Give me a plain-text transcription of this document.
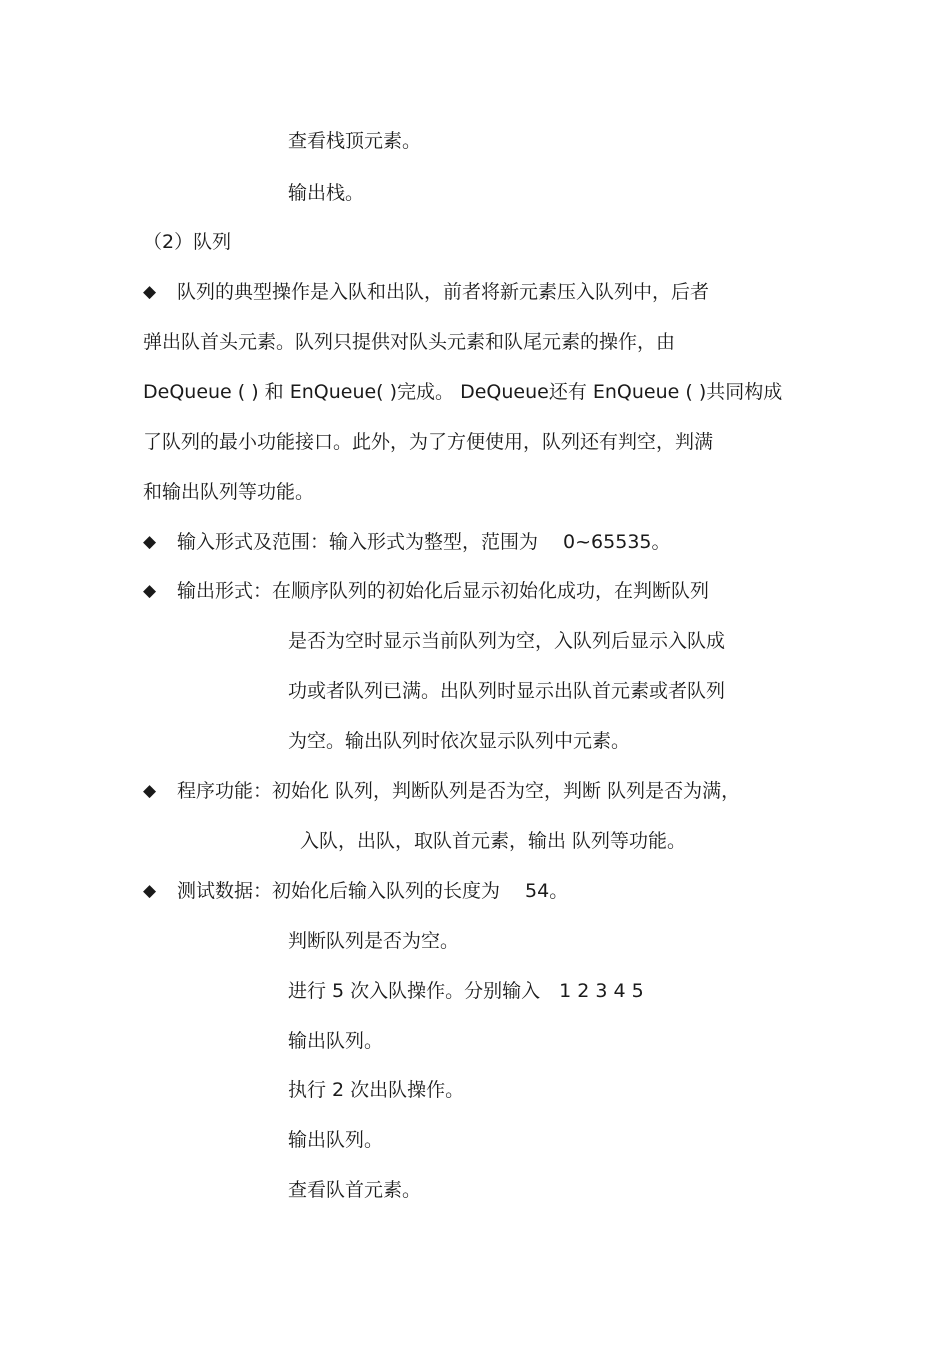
查看栈顶元素。
输出栈。
（2）队列
◆ 队列的典型操作是入队和出队，前者将新元素压入队列中，后者
弹出队首头元素。队列只提供对队头元素和队尾元素的操作，由
DeQueue ( ) 和 EnQueue( )完成。 DeQueue还有 EnQueue ( )共同构成
了队列的最小功能接口。此外，为了方便使用，队列还有判空，判满
和输出队列等功能。
◆ 输入形式及范围：输入形式为整型，范围为　 0~65535。
◆ 输出形式：在顺序队列的初始化后显示初始化成功，在判断队列
是否为空时显示当前队列为空，入队列后显示入队成
功或者队列已满。出队列时显示出队首元素或者队列
为空。输出队列时依次显示队列中元素。
◆ 程序功能：初始化 队列，判断队列是否为空，判断 队列是否为满，
入队，出队，取队首元素，输出 队列等功能。
◆ 测试数据：初始化后输入队列的长度为　 54。
判断队列是否为空。
进行 5 次入队操作。分别输入　1 2 3 4 5
输出队列。
执行 2 次出队操作。
输出队列。
查看队首元素。
